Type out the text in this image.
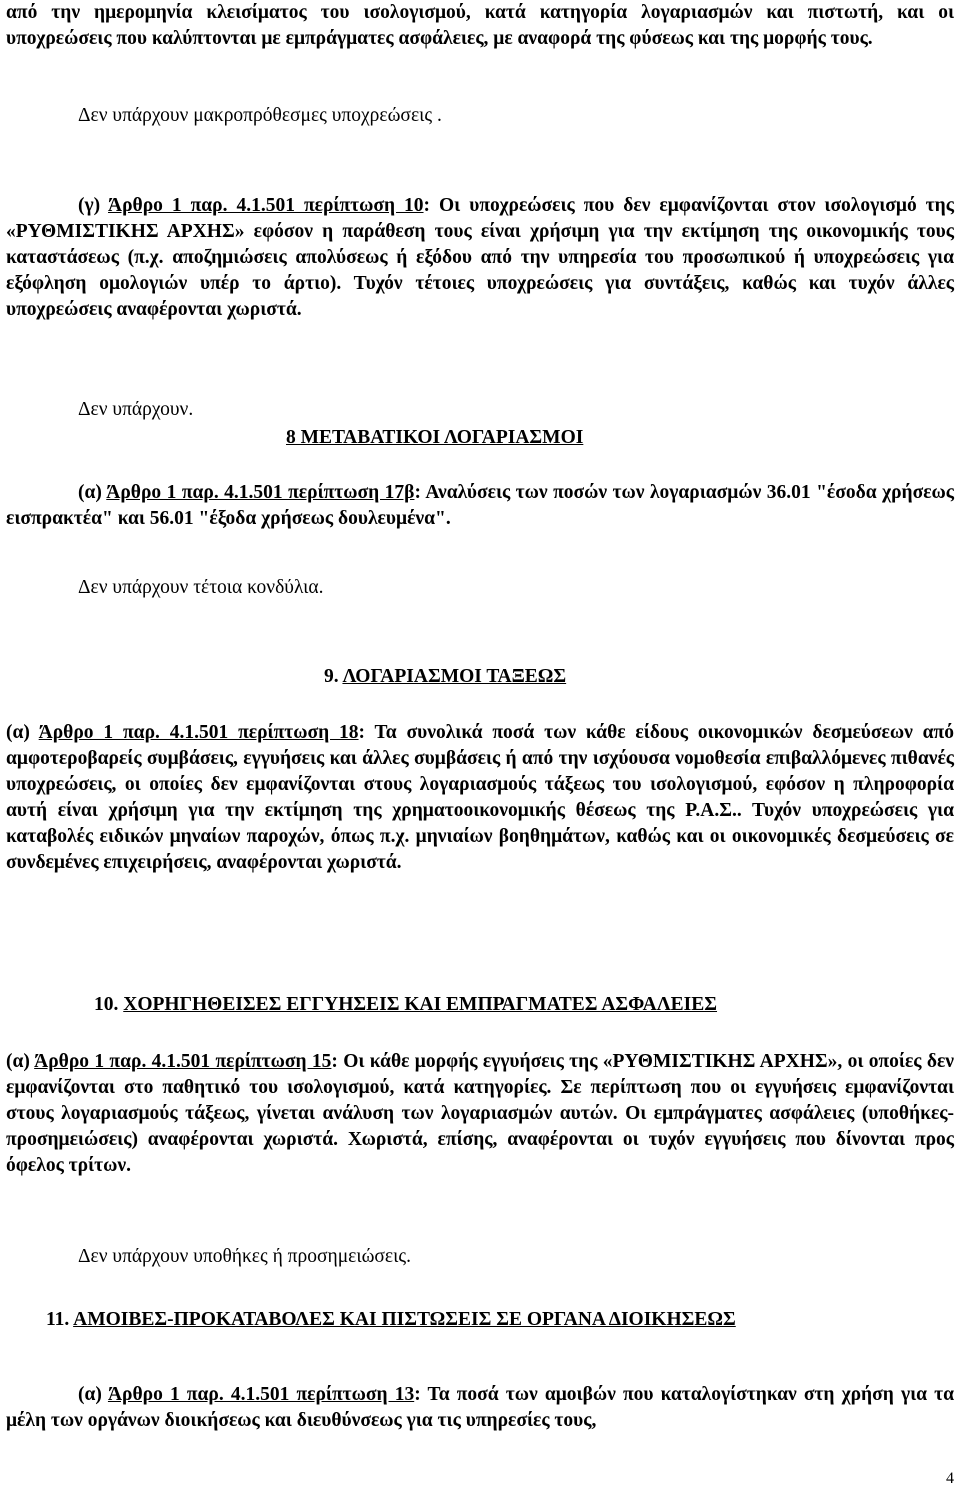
από την ημερομηνία κλεισίματος του ισολογισμού, κατά κατηγορία λογαριασμών και πιστωτή, και οι υποχρεώσεις που καλύπτονται με εμπράγματες ασφάλειες, με αναφορά της φύσεως και της μορφής τους.
Δεν υπάρχουν μακροπρόθεσμες υποχρεώσεις .
(γ) Άρθρο 1 παρ. 4.1.501 περίπτωση 10: Οι υποχρεώσεις που δεν εμφανίζονται στον ισολογισμό της «ΡΥΘΜΙΣΤΙΚΗΣ ΑΡΧΗΣ» εφόσον η παράθεση τους είναι χρήσιμη για την εκτίμηση της οικονομικής τους καταστάσεως (π.χ. αποζημιώσεις απολύσεως ή εξόδου από την υπηρεσία του προσωπικού ή υποχρεώσεις για εξόφληση ομολογιών υπέρ το άρτιο). Τυχόν τέτοιες υποχρεώσεις για συντάξεις, καθώς και τυχόν άλλες υποχρεώσεις αναφέρονται χωριστά.
Δεν υπάρχουν.
8 ΜΕΤΑΒΑΤΙΚΟΙ ΛΟΓΑΡΙΑΣΜΟΙ
(α) Άρθρο 1 παρ. 4.1.501 περίπτωση 17β: Αναλύσεις των ποσών των λογαριασμών 36.01 "έσοδα χρήσεως εισπρακτέα" και 56.01 "έξοδα χρήσεως δουλευμένα".
Δεν υπάρχουν τέτοια κονδύλια.
9. ΛΟΓΑΡΙΑΣΜΟΙ ΤΑΞΕΩΣ
(α) Άρθρο 1 παρ. 4.1.501 περίπτωση 18: Τα συνολικά ποσά των κάθε είδους οικονομικών δεσμεύσεων από αμφοτεροβαρείς συμβάσεις, εγγυήσεις και άλλες συμβάσεις ή από την ισχύουσα νομοθεσία επιβαλλόμενες πιθανές υποχρεώσεις, οι οποίες δεν εμφανίζονται στους λογαριασμούς τάξεως του ισολογισμού, εφόσον η πληροφορία αυτή είναι χρήσιμη για την εκτίμηση της χρηματοοικονομικής θέσεως της Ρ.Α.Σ.. Τυχόν υποχρεώσεις για καταβολές ειδικών μηναίων παροχών, όπως π.χ. μηνιαίων βοηθημάτων, καθώς και οι οικονομικές δεσμεύσεις σε συνδεμένες επιχειρήσεις, αναφέρονται χωριστά.
10. ΧΟΡΗΓΗΘΕΙΣΕΣ ΕΓΓΥΗΣΕΙΣ ΚΑΙ ΕΜΠΡΑΓΜΑΤΕΣ ΑΣΦΑΛΕΙΕΣ
(α) Άρθρο 1 παρ. 4.1.501 περίπτωση 15: Οι κάθε μορφής εγγυήσεις της «ΡΥΘΜΙΣΤΙΚΗΣ ΑΡΧΗΣ», οι οποίες δεν εμφανίζονται στο παθητικό του ισολογισμού, κατά κατηγορίες. Σε περίπτωση που οι εγγυήσεις εμφανίζονται στους λογαριασμούς τάξεως, γίνεται ανάλυση των λογαριασμών αυτών. Οι εμπράγματες ασφάλειες (υποθήκες-προσημειώσεις) αναφέρονται χωριστά. Χωριστά, επίσης, αναφέρονται οι τυχόν εγγυήσεις που δίνονται προς όφελος τρίτων.
Δεν υπάρχουν υποθήκες ή προσημειώσεις.
11. ΑΜΟΙΒΕΣ-ΠΡΟΚΑΤΑΒΟΛΕΣ ΚΑΙ ΠΙΣΤΩΣΕΙΣ ΣΕ ΟΡΓΑΝΑ ΔΙΟΙΚΗΣΕΩΣ
(α) Άρθρο 1 παρ. 4.1.501 περίπτωση 13: Τα ποσά των αμοιβών που καταλογίστηκαν στη χρήση για τα μέλη των οργάνων διοικήσεως και διευθύνσεως για τις υπηρεσίες τους,
4
